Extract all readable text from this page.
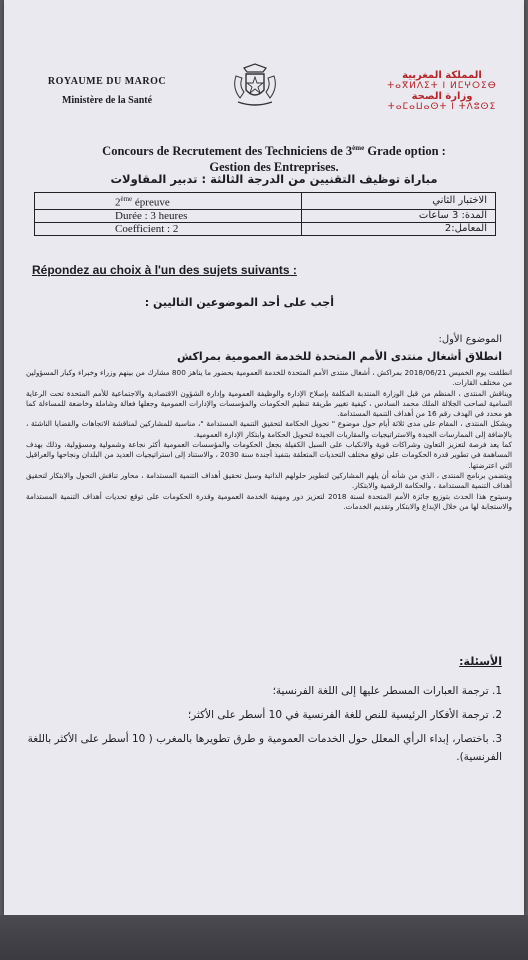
ROYAUME DU MAROC
Ministère de la Santé
المملكة المغربية
ⵜⴰⴳⵍⴷⵉⵜ ⵏ ⵍⵎⵖⵔⵉⴱ
وزارة الصحة
ⵜⴰⵎⴰⵡⴰⵙⵜ ⵏ ⵜⴷⵓⵙⵉ
Concours de Recrutement des Techniciens de 3ème Grade option :
Gestion des Entreprises.
مباراة توظيف التقنيين من الدرجة الثالثة : تدبير المقاولات
2ème épreuve	الاختبار الثاني
Durée : 3 heures	المدة: 3 ساعات
Coefficient : 2	المعامل:2
Répondez au choix à l'un des sujets suivants :
أجب على أحد الموضوعين التاليين :
الموضوع الأول:
انطلاق أشغال منتدى الأمم المتحدة للخدمة العمومية بمراكش

انطلقت يوم الخميس 2018/06/21 بمراكش ، أشغال منتدى الأمم المتحدة للخدمة العمومية بحضور ما يناهز 800 مشارك من بينهم وزراء وخبراء وكبار المسؤولين من مختلف القارات.

ويناقش المنتدى ، المنظم من قبل الوزارة المنتدبة المكلفة بإصلاح الإدارة والوظيفة العمومية وإدارة الشؤون الاقتصادية والاجتماعية للأمم المتحدة تحت الرعاية السامية لصاحب الجلالة الملك محمد السادس ، كيفية تغيير طريقة تنظيم الحكومات والمؤسسات والإدارات العمومية وجعلها فعالة وشاملة وخاضعة للمساءلة كما هو محدد في الهدف رقم 16 من أهداف التنمية المستدامة.

ويشكل المنتدى ، المقام على مدى ثلاثة أيام حول موضوع " تحويل الحكامة لتحقيق التنمية المستدامة "، مناسبة للمشاركين لمناقشة الاتجاهات والقضايا الناشئة ، بالإضافة إلى الممارسات الجيدة والاستراتيجيات والمقاربات الجيدة لتحويل الحكامة وابتكار الإدارة العمومية.

كما يعد فرصة لتعزيز التعاون وشراكات قوية والانكباب على السبل الكفيلة بجعل الحكومات والمؤسسات العمومية أكثر نجاعة وشمولية ومسؤولية، وذلك بهدف المساهمة في تطوير قدرة الحكومات على توقع مختلف التحديات المتعلقة بتنفيذ أجندة سنة 2030 ، والاستناد إلى استراتيجيات العديد من البلدان ونجاحها والعراقيل التي اعترضتها.

ويتضمن برنامج المنتدى ، الذي من شأنه أن يلهم المشاركين لتطوير حلولهم الذاتية وسبل تحقيق أهداف التنمية المستدامة ، محاور تناقش التحول والابتكار لتحقيق أهداف التنمية المستدامة ، والحكامة الرقمية والابتكار.

وسيتوج هذا الحدث بتوزيع جائزة الأمم المتحدة لسنة 2018 لتعزيز دور ومهنية الخدمة العمومية وقدرة الحكومات على توقع تحديات أهداف التنمية المستدامة والاستجابة لها من خلال الإبداع والابتكار وتقديم الخدمات.

الأسئلة:
1. ترجمة العبارات المسطر عليها إلى اللغة الفرنسية؛
2. ترجمة الأفكار الرئيسية للنص للغة الفرنسية في 10 أسطر على الأكثر؛
3. باختصار، إبداء الرأي المعلل حول الخدمات العمومية و طرق تطويرها بالمغرب ( 10 أسطر على الأكثر باللغة الفرنسية).
